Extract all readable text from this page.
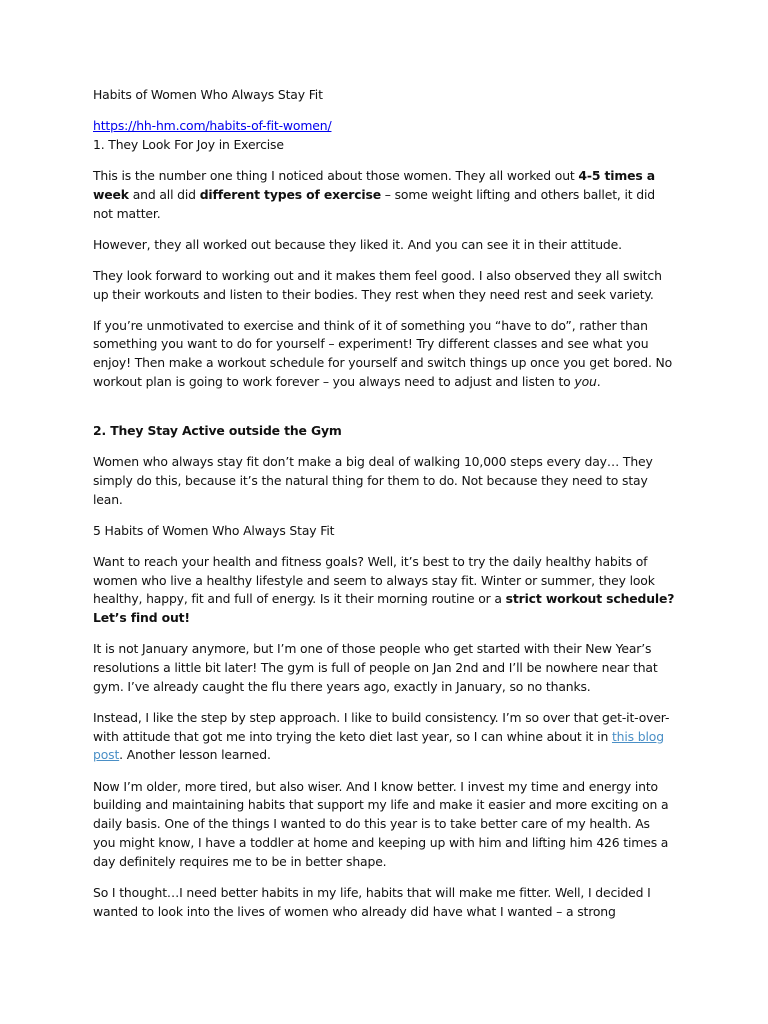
Habits of Women Who Always Stay Fit

https://hh-hm.com/habits-of-fit-women/

1. They Look For Joy in Exercise

This is the number one thing I noticed about those women. They all worked out 4-5 times a week and all did different types of exercise – some weight lifting and others ballet, it did not matter.

However, they all worked out because they liked it. And you can see it in their attitude.

They look forward to working out and it makes them feel good. I also observed they all switch up their workouts and listen to their bodies. They rest when they need rest and seek variety.

If you’re unmotivated to exercise and think of it of something you “have to do”, rather than something you want to do for yourself – experiment! Try different classes and see what you enjoy! Then make a workout schedule for yourself and switch things up once you get bored. No workout plan is going to work forever – you always need to adjust and listen to you.

2. They Stay Active outside the Gym

Women who always stay fit don’t make a big deal of walking 10,000 steps every day… They simply do this, because it’s the natural thing for them to do. Not because they need to stay lean.

5 Habits of Women Who Always Stay Fit

Want to reach your health and fitness goals? Well, it’s best to try the daily healthy habits of women who live a healthy lifestyle and seem to always stay fit. Winter or summer, they look healthy, happy, fit and full of energy. Is it their morning routine or a strict workout schedule? Let’s find out!

It is not January anymore, but I’m one of those people who get started with their New Year’s resolutions a little bit later! The gym is full of people on Jan 2nd and I’ll be nowhere near that gym. I’ve already caught the flu there years ago, exactly in January, so no thanks.

Instead, I like the step by step approach. I like to build consistency. I’m so over that get-it-over-with attitude that got me into trying the keto diet last year, so I can whine about it in this blog post. Another lesson learned.

Now I’m older, more tired, but also wiser. And I know better. I invest my time and energy into building and maintaining habits that support my life and make it easier and more exciting on a daily basis. One of the things I wanted to do this year is to take better care of my health. As you might know, I have a toddler at home and keeping up with him and lifting him 426 times a day definitely requires me to be in better shape.

So I thought…I need better habits in my life, habits that will make me fitter. Well, I decided I wanted to look into the lives of women who already did have what I wanted – a strong
